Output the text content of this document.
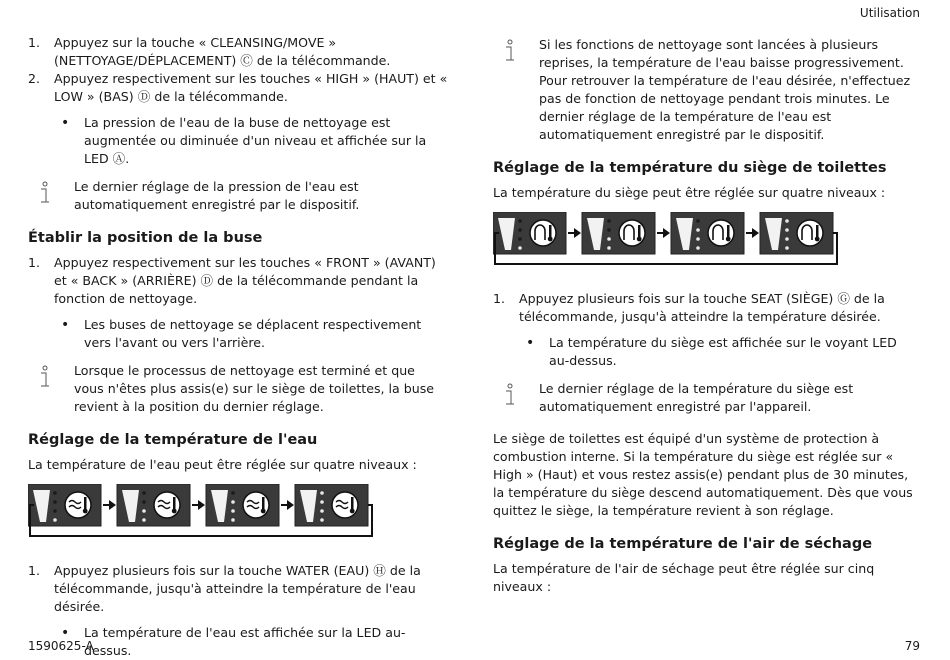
Utilisation
1. Appuyez sur la touche « CLEANSING/MOVE » (NETTOYAGE/DÉPLACEMENT) Ⓒ de la télécommande.
2. Appuyez respectivement sur les touches « HIGH » (HAUT) et « LOW » (BAS) Ⓓ de la télécommande.
• La pression de l'eau de la buse de nettoyage est augmentée ou diminuée d'un niveau et affichée sur la LED Ⓐ.
Le dernier réglage de la pression de l'eau est automatiquement enregistré par le dispositif.
Établir la position de la buse
1. Appuyez respectivement sur les touches « FRONT » (AVANT) et « BACK » (ARRIÈRE) Ⓓ de la télécommande pendant la fonction de nettoyage.
• Les buses de nettoyage se déplacent respectivement vers l'avant ou vers l'arrière.
Lorsque le processus de nettoyage est terminé et que vous n'êtes plus assis(e) sur le siège de toilettes, la buse revient à la position du dernier réglage.
Réglage de la température de l'eau

La température de l'eau peut être réglée sur quatre niveaux :

1. Appuyez plusieurs fois sur la touche WATER (EAU) Ⓗ de la télécommande, jusqu'à atteindre la température de l'eau désirée.
• La température de l'eau est affichée sur la LED au-dessus.
Si les fonctions de nettoyage sont lancées à plusieurs reprises, la température de l'eau baisse progressivement. Pour retrouver la température de l'eau désirée, n'effectuez pas de fonction de nettoyage pendant trois minutes. Le dernier réglage de la température de l'eau est automatiquement enregistré par le dispositif.
Réglage de la température du siège de toilettes

La température du siège peut être réglée sur quatre niveaux :

1. Appuyez plusieurs fois sur la touche SEAT (SIÈGE) Ⓖ de la télécommande, jusqu'à atteindre la température désirée.
• La température du siège est affichée sur le voyant LED au-dessus.
Le dernier réglage de la température du siège est automatiquement enregistré par l'appareil.

Le siège de toilettes est équipé d'un système de protection à combustion interne. Si la température du siège est réglée sur « High » (Haut) et vous restez assis(e) pendant plus de 30 minutes, la température du siège descend automatiquement. Dès que vous quittez le siège, la température revient à son réglage.

Réglage de la température de l'air de séchage

La température de l'air de séchage peut être réglée sur cinq niveaux :

1590625-A	79
